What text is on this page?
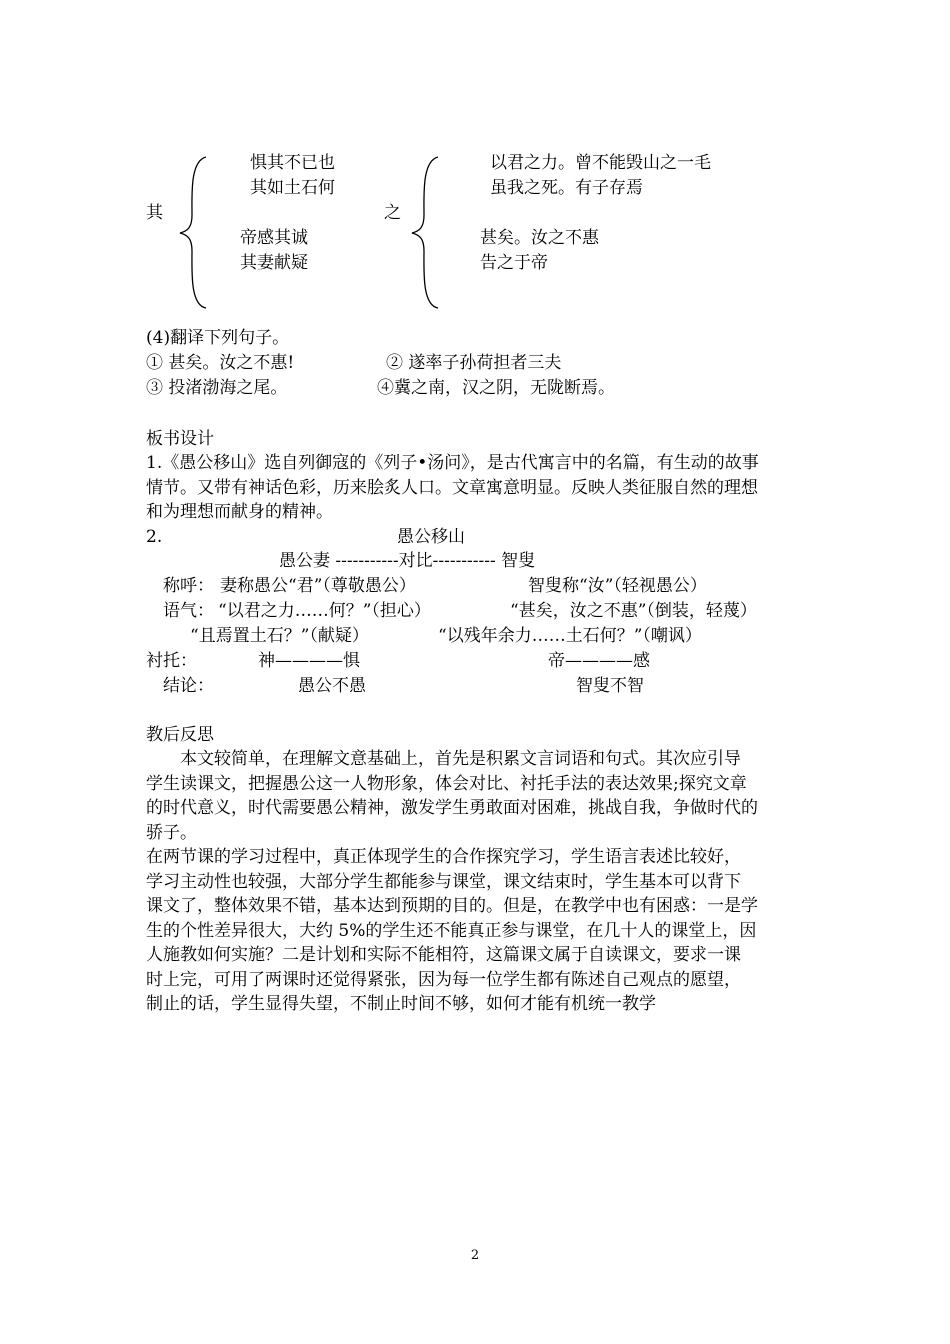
其
惧其不已也
其如土石何
帝感其诚
其妻献疑
之
以君之力。曾不能毁山之一毛
虽我之死。有子存焉
甚矣。汝之不惠
告之于帝
(4)翻译下列句子。
① 甚矣。汝之不惠!	② 遂率子孙荷担者三夫
③ 投渚渤海之尾。	④冀之南，汉之阴，无陇断焉。
板书设计
1.《愚公移山》选自列御寇的《列子•汤问》，是古代寓言中的名篇，有生动的故事
情节。又带有神话色彩，历来脍炙人口。文章寓意明显。反映人类征服自然的理想
和为理想而献身的精神。
2.	愚公移山
愚公妻 -----------对比----------- 智叟
称呼： 妻称愚公“君”（尊敬愚公）	智叟称“汝”（轻视愚公）
语气： “以君之力……何？”（担心）	“甚矣，汝之不惠”（倒装，轻蔑）
“且焉置土石？”（献疑）	“以残年余力……土石何？”（嘲讽）
衬托：	神————惧	帝————感
结论：	愚公不愚	智叟不智
教后反思
　　本文较简单，在理解文意基础上，首先是积累文言词语和句式。其次应引导
学生读课文，把握愚公这一人物形象，体会对比、衬托手法的表达效果;探究文章
的时代意义，时代需要愚公精神，激发学生勇敢面对困难，挑战自我，争做时代的
骄子。
在两节课的学习过程中，真正体现学生的合作探究学习，学生语言表述比较好，
学习主动性也较强，大部分学生都能参与课堂，课文结束时，学生基本可以背下
课文了，整体效果不错，基本达到预期的目的。但是，在教学中也有困惑：一是学
生的个性差异很大，大约 5%的学生还不能真正参与课堂，在几十人的课堂上，因
人施教如何实施？二是计划和实际不能相符，这篇课文属于自读课文，要求一课
时上完，可用了两课时还觉得紧张，因为每一位学生都有陈述自己观点的愿望，
制止的话，学生显得失望，不制止时间不够，如何才能有机统一教学
2
